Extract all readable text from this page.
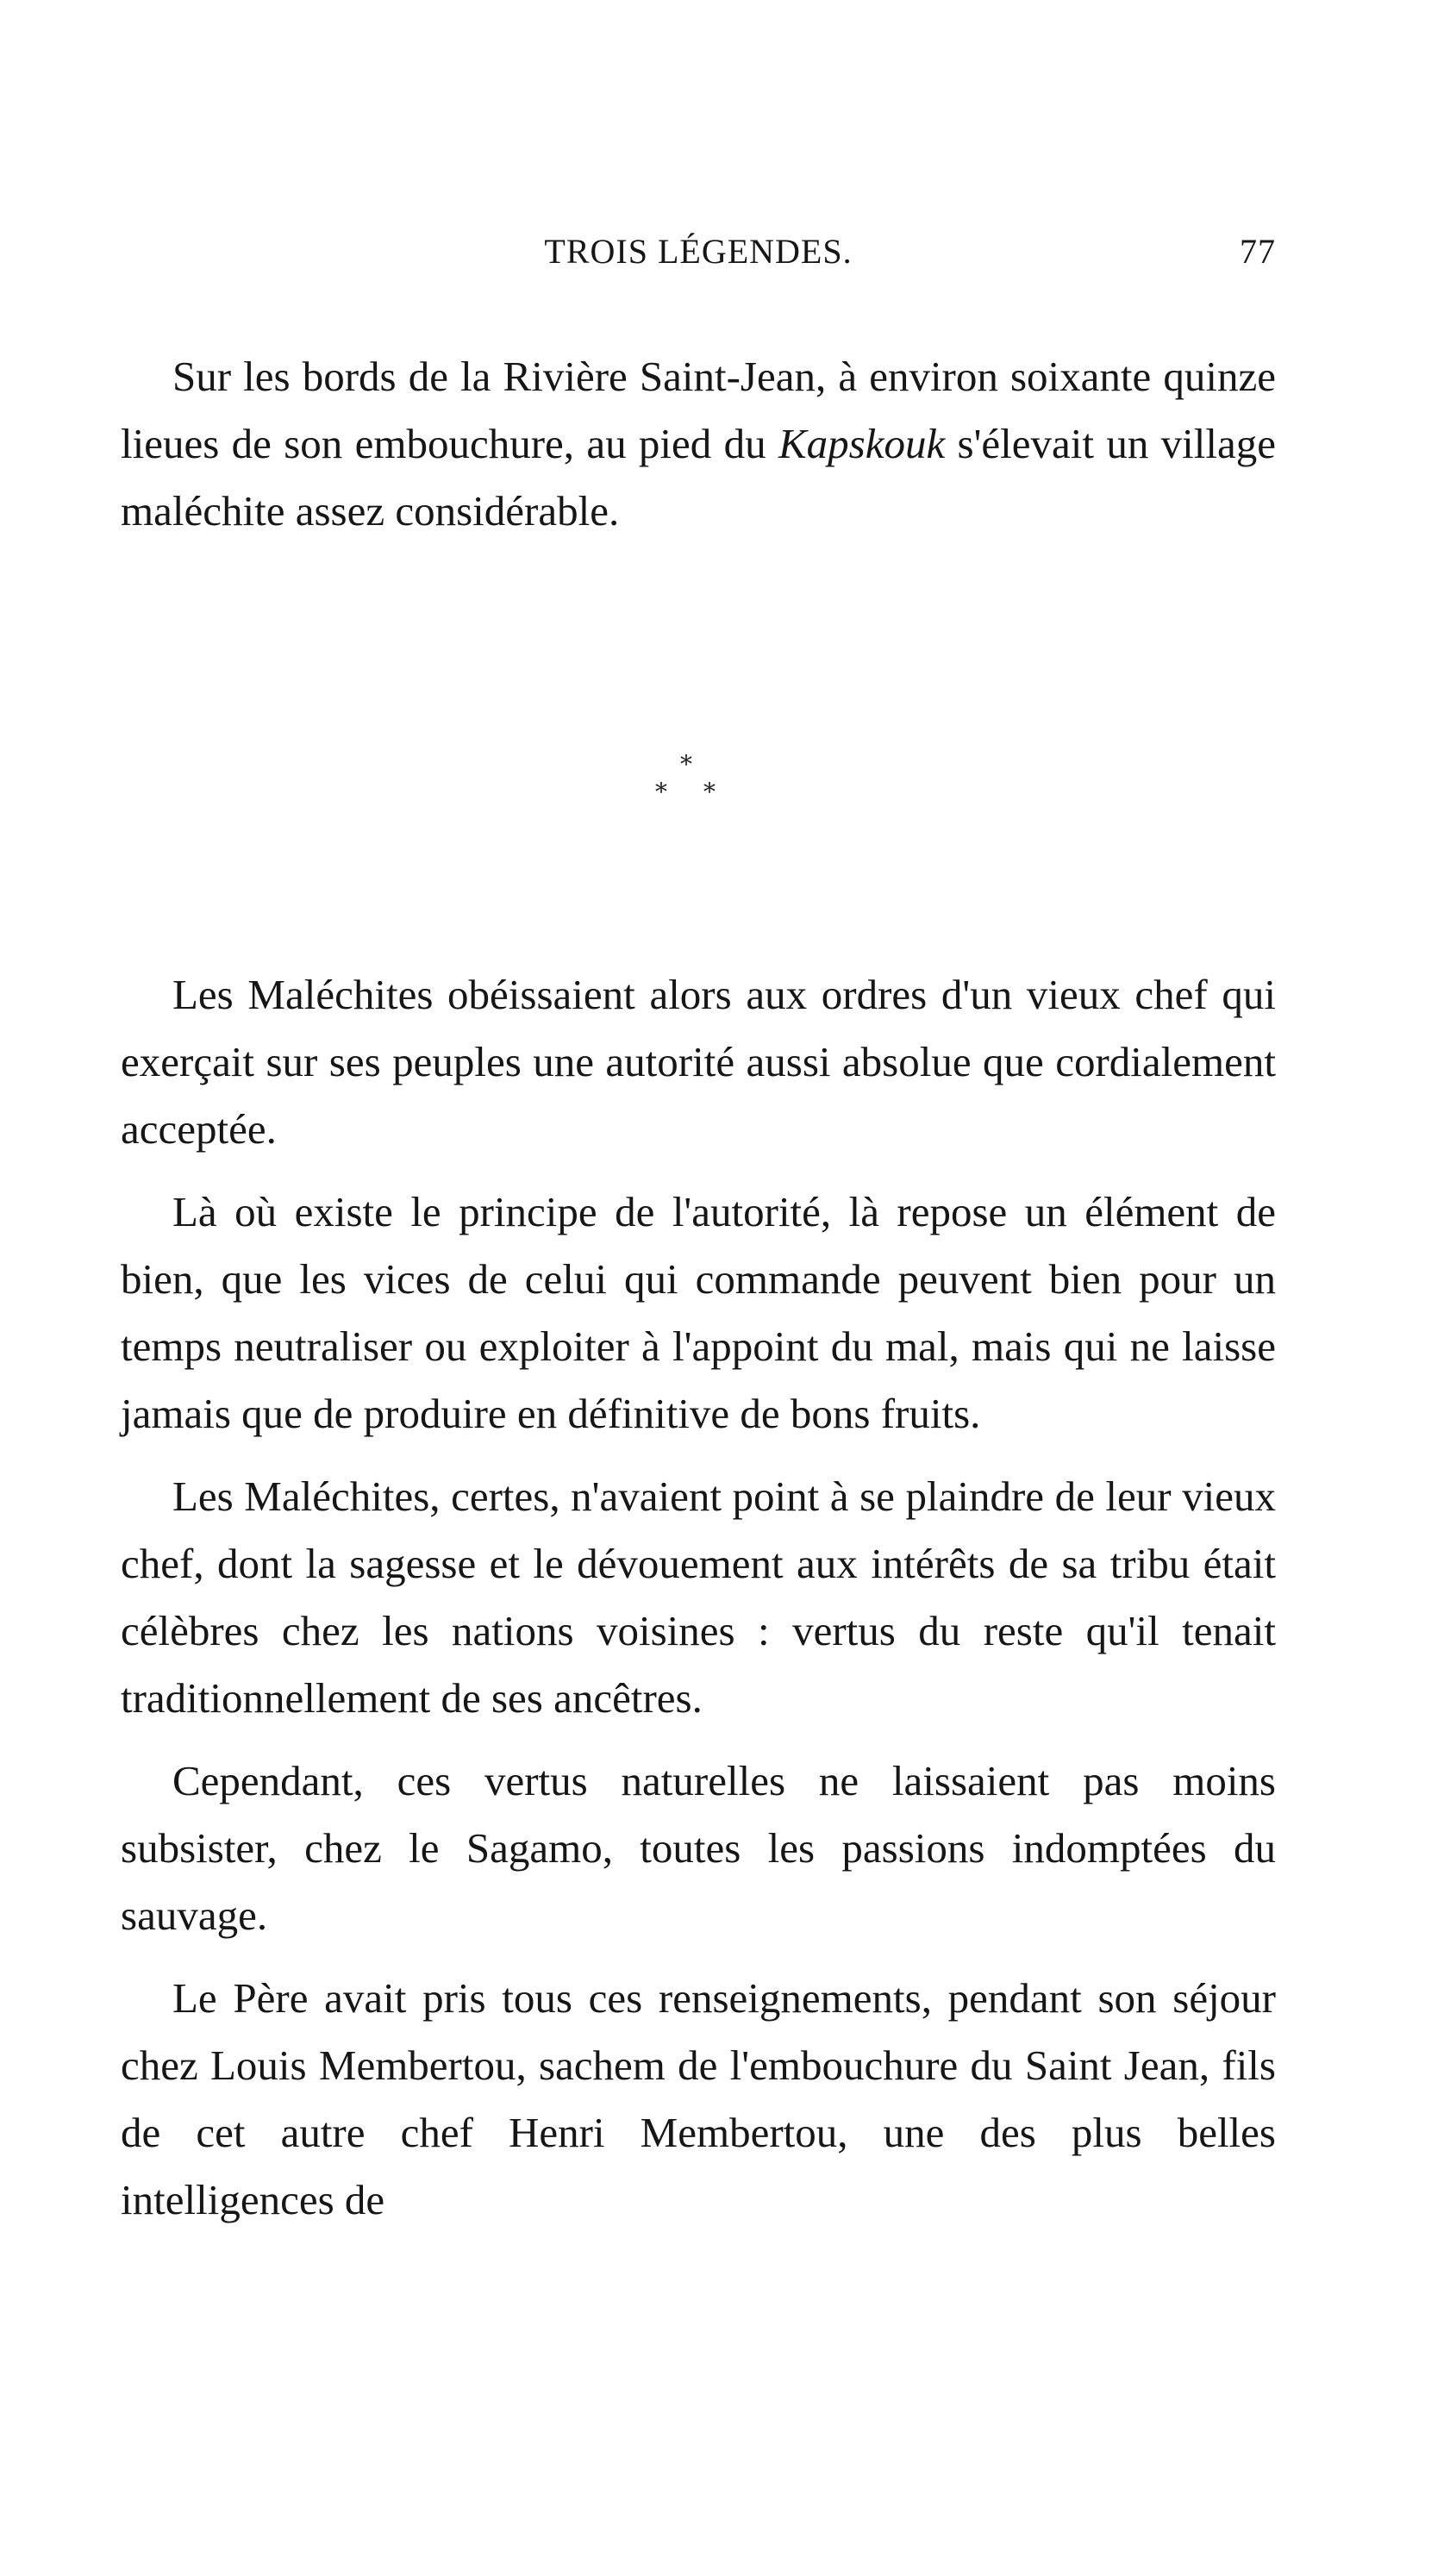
TROIS LÉGENDES.	77

Sur les bords de la Rivière Saint-Jean, à environ soixante quinze lieues de son embouchure, au pied du Kapskouk s'élevait un village maléchite assez considérable.

*
* *

Les Maléchites obéissaient alors aux ordres d'un vieux chef qui exerçait sur ses peuples une autorité aussi absolue que cordialement acceptée.

Là où existe le principe de l'autorité, là repose un élément de bien, que les vices de celui qui commande peuvent bien pour un temps neutraliser ou exploiter à l'appoint du mal, mais qui ne laisse jamais que de produire en définitive de bons fruits.

Les Maléchites, certes, n'avaient point à se plaindre de leur vieux chef, dont la sagesse et le dévouement aux intérêts de sa tribu était célèbres chez les nations voisines : vertus du reste qu'il tenait traditionnellement de ses ancêtres.

Cependant, ces vertus naturelles ne laissaient pas moins subsister, chez le Sagamo, toutes les passions indomptées du sauvage.

Le Père avait pris tous ces renseignements, pendant son séjour chez Louis Membertou, sachem de l'embouchure du Saint Jean, fils de cet autre chef Henri Membertou, une des plus belles intelligences de
